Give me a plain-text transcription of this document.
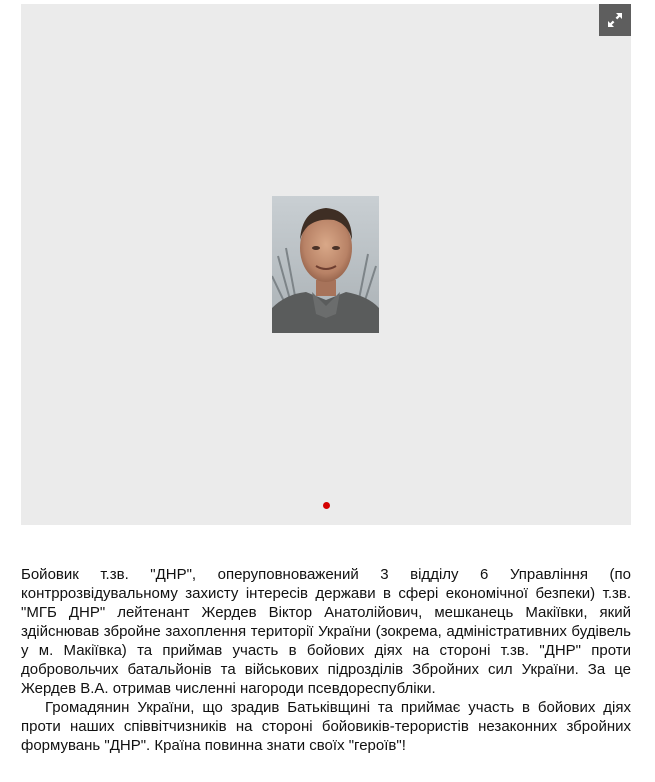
Бойовик т.зв. "ДНР", оперуповноважений 3 відділу 6 Управління (по контррозвідувальному захисту інтересів держави в сфері економічної безпеки) т.зв. "МГБ ДНР" лейтенант Жердев Віктор Анатолійович, мешканець Макіївки, який здійснював збройне захоплення території України (зокрема, адміністративних будівель у м. Макіївка) та приймав участь в бойових діях на стороні т.зв. "ДНР" проти добровольчих батальйонів та військових підрозділів Збройних сил України. За це Жердев В.А. отримав численні нагороди псевдореспубліки.

Громадянин України, що зрадив Батьківщині та приймає участь в бойових діях проти наших співвітчизників на стороні бойовиків-терористів незаконних збройних формувань "ДНР". Країна повинна знати своїх "героїв"!
